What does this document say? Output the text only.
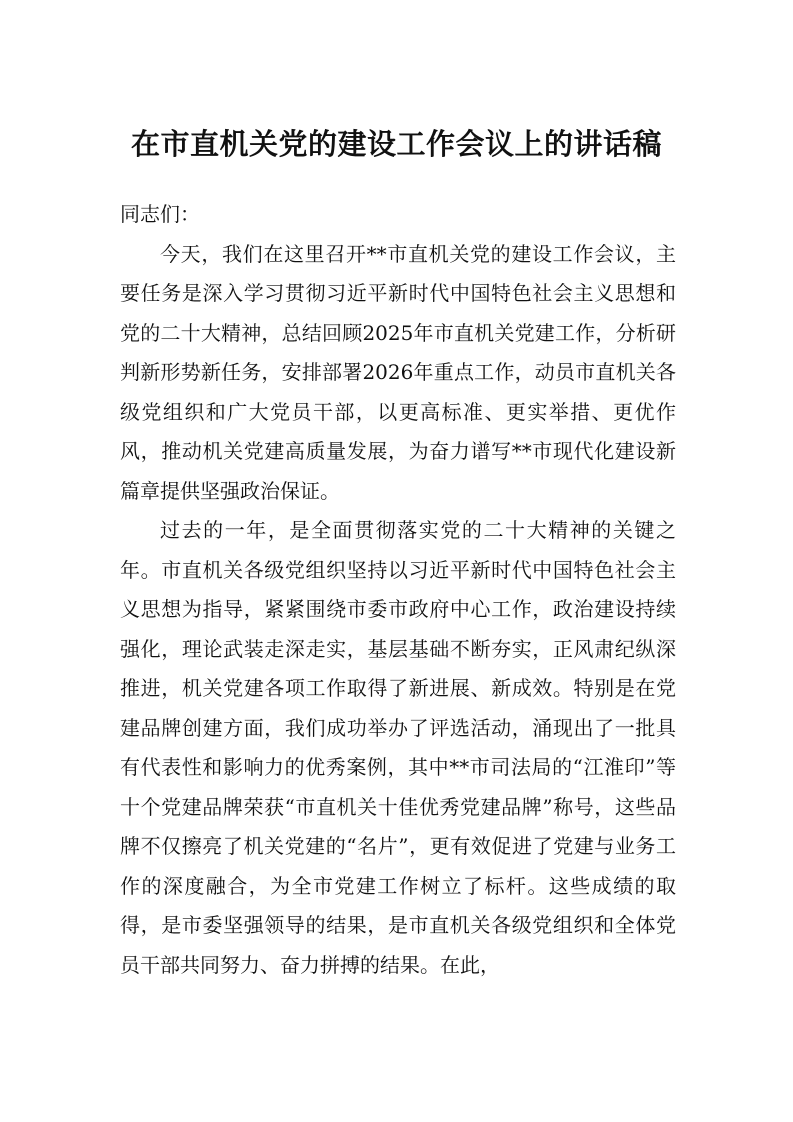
在市直机关党的建设工作会议上的讲话稿

同志们：

今天，我们在这里召开**市直机关党的建设工作会议，主要任务是深入学习贯彻习近平新时代中国特色社会主义思想和党的二十大精神，总结回顾2025年市直机关党建工作，分析研判新形势新任务，安排部署2026年重点工作，动员市直机关各级党组织和广大党员干部，以更高标准、更实举措、更优作风，推动机关党建高质量发展，为奋力谱写**市现代化建设新篇章提供坚强政治保证。

过去的一年，是全面贯彻落实党的二十大精神的关键之年。市直机关各级党组织坚持以习近平新时代中国特色社会主义思想为指导，紧紧围绕市委市政府中心工作，政治建设持续强化，理论武装走深走实，基层基础不断夯实，正风肃纪纵深推进，机关党建各项工作取得了新进展、新成效。特别是在党建品牌创建方面，我们成功举办了评选活动，涌现出了一批具有代表性和影响力的优秀案例，其中**市司法局的“江淮印”等十个党建品牌荣获“市直机关十佳优秀党建品牌”称号，这些品牌不仅擦亮了机关党建的“名片”，更有效促进了党建与业务工作的深度融合，为全市党建工作树立了标杆。这些成绩的取得，是市委坚强领导的结果，是市直机关各级党组织和全体党员干部共同努力、奋力拼搏的结果。在此，
